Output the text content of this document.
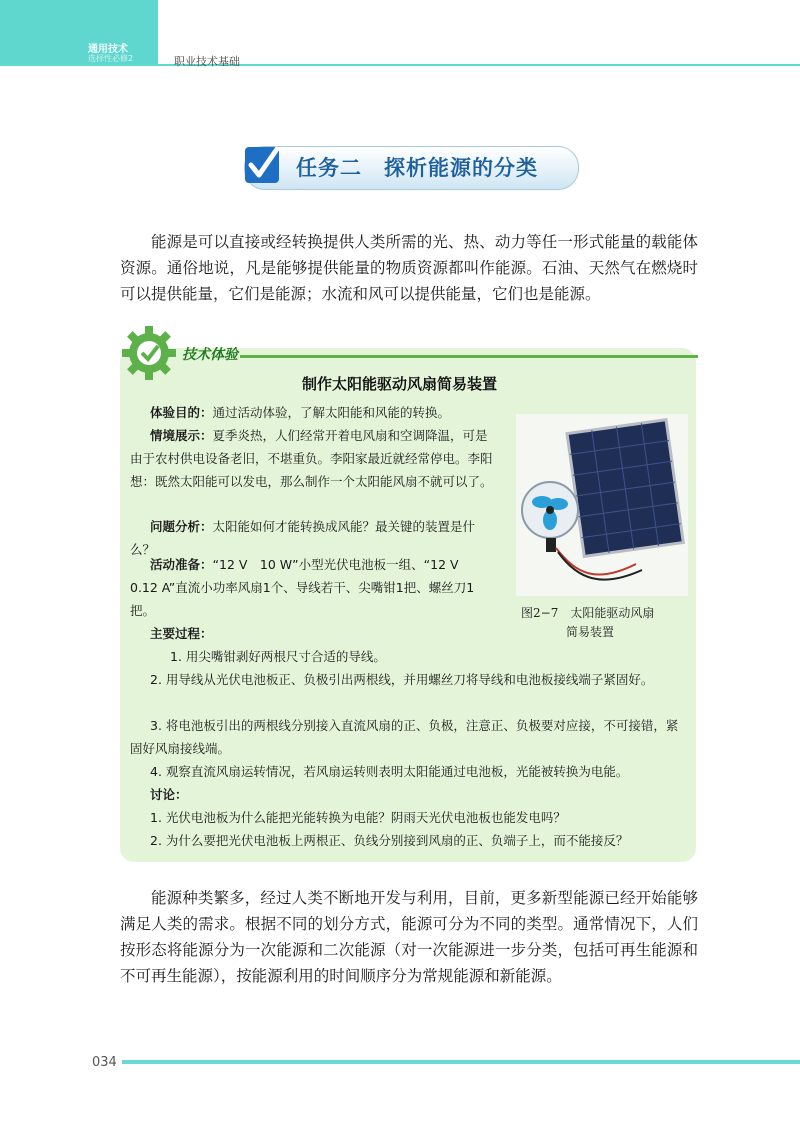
通用技术
选择性必修2	职业技术基础
任务二　探析能源的分类
能源是可以直接或经转换提供人类所需的光、热、动力等任一形式能量的载能体资源。通俗地说，凡是能够提供能量的物质资源都叫作能源。石油、天然气在燃烧时可以提供能量，它们是能源；水流和风可以提供能量，它们也是能源。
技术体验
制作太阳能驱动风扇简易装置
体验目的：通过活动体验，了解太阳能和风能的转换。
情境展示：夏季炎热，人们经常开着电风扇和空调降温，可是由于农村供电设备老旧，不堪重负。李阳家最近就经常停电。李阳想：既然太阳能可以发电，那么制作一个太阳能风扇不就可以了。
问题分析：太阳能如何才能转换成风能？最关键的装置是什么？
活动准备：“12 V　10 W”小型光伏电池板一组、“12 V　0.12 A”直流小功率风扇1个、导线若干、尖嘴钳1把、螺丝刀1把。	图2−7　太阳能驱动风扇
简易装置
主要过程：
1. 用尖嘴钳剥好两根尺寸合适的导线。
2. 用导线从光伏电池板正、负极引出两根线，并用螺丝刀将导线和电池板接线端子紧固好。
3. 将电池板引出的两根线分别接入直流风扇的正、负极，注意正、负极要对应接，不可接错，紧固好风扇接线端。
4. 观察直流风扇运转情况，若风扇运转则表明太阳能通过电池板，光能被转换为电能。
讨论：
1. 光伏电池板为什么能把光能转换为电能？阴雨天光伏电池板也能发电吗？
2. 为什么要把光伏电池板上两根正、负线分别接到风扇的正、负端子上，而不能接反？
能源种类繁多，经过人类不断地开发与利用，目前，更多新型能源已经开始能够满足人类的需求。根据不同的划分方式，能源可分为不同的类型。通常情况下，人们按形态将能源分为一次能源和二次能源（对一次能源进一步分类，包括可再生能源和不可再生能源），按能源利用的时间顺序分为常规能源和新能源。
034
